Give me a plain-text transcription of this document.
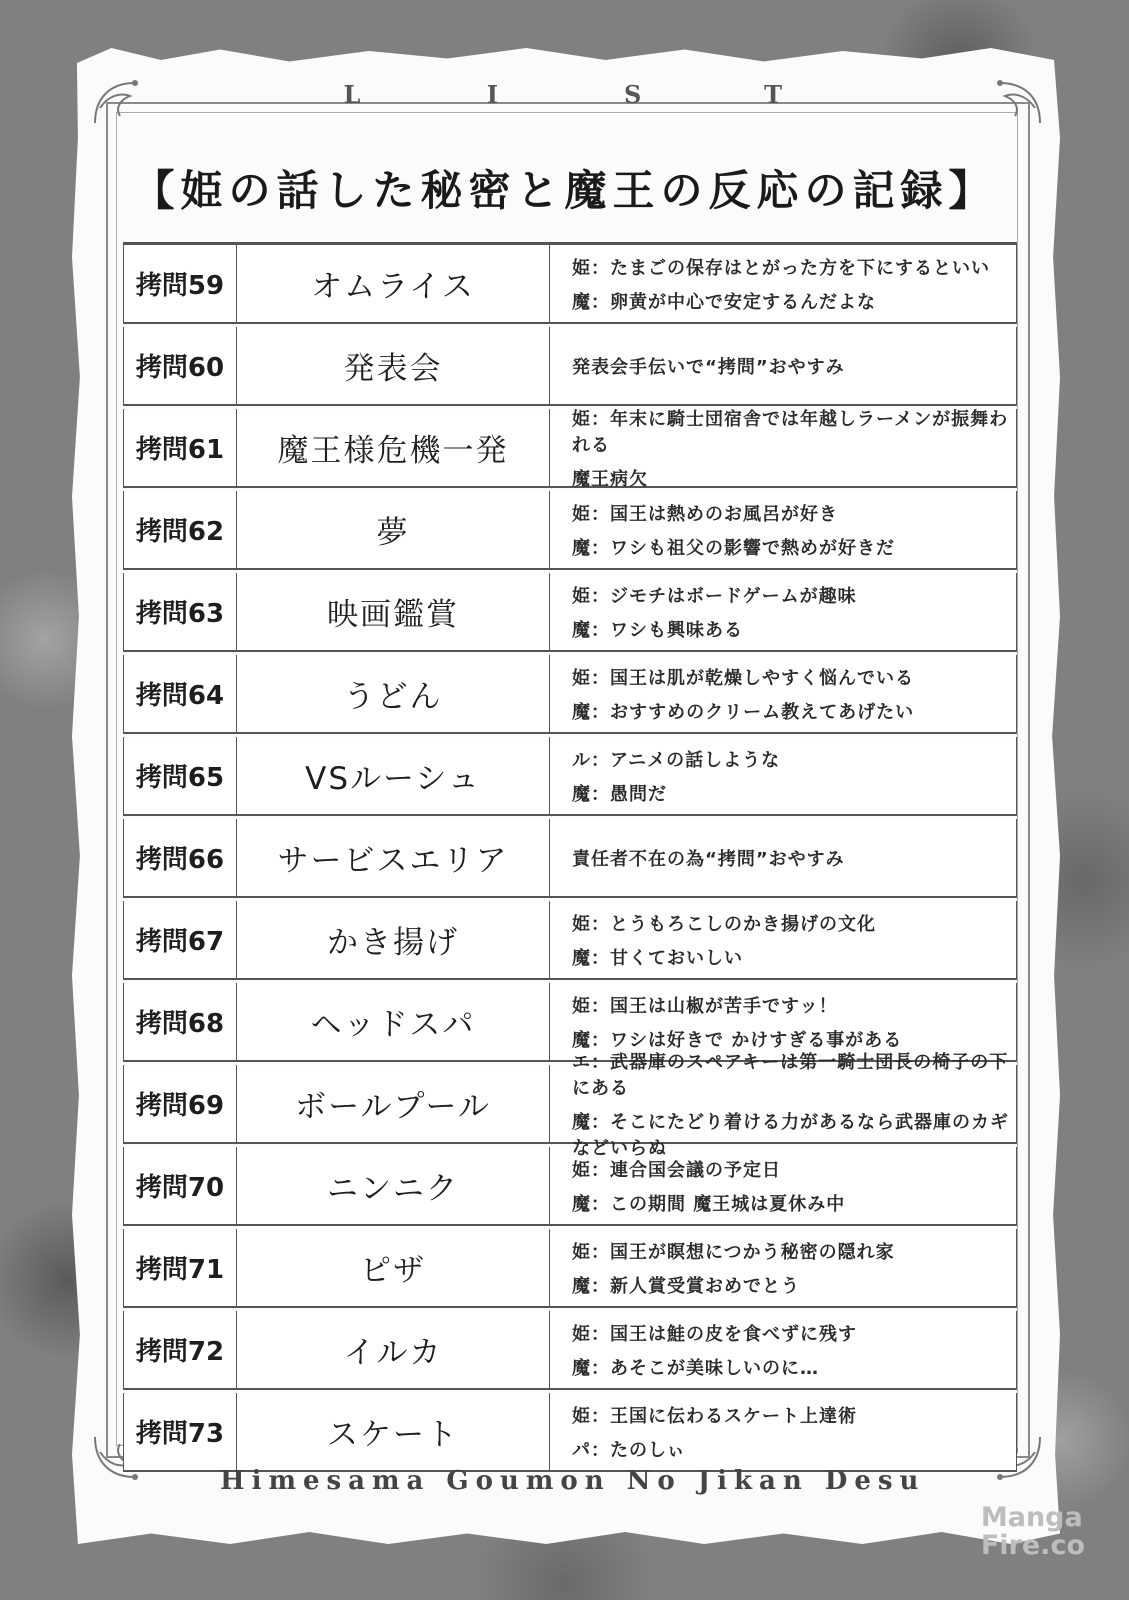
L	I	S	T
【姫の話した秘密と魔王の反応の記録】
拷問59	オムライス
姫：たまごの保存はとがった方を下にするといい
魔：卵黄が中心で安定するんだよな
拷問60	発表会	発表会手伝いで“拷問”おやすみ
拷問61	魔王様危機一発
姫：年末に騎士団宿舎では年越しラーメンが振舞われる
魔王病欠
拷問62	夢
姫：国王は熱めのお風呂が好き
魔：ワシも祖父の影響で熱めが好きだ
拷問63	映画鑑賞
姫：ジモチはボードゲームが趣味
魔：ワシも興味ある
拷問64	うどん
姫：国王は肌が乾燥しやすく悩んでいる
魔：おすすめのクリーム教えてあげたい
拷問65	VSルーシュ
ル：アニメの話しような
魔：愚問だ
拷問66	サービスエリア	責任者不在の為“拷問”おやすみ
拷問67	かき揚げ
姫：とうもろこしのかき揚げの文化
魔：甘くておいしい
拷問68	ヘッドスパ
姫：国王は山椒が苦手ですッ！
魔：ワシは好きで かけすぎる事がある
拷問69	ボールプール
エ：武器庫のスペアキーは第一騎士団長の椅子の下にある
魔：そこにたどり着ける力があるなら武器庫のカギなどいらぬ
拷問70	ニンニク
姫：連合国会議の予定日
魔：この期間 魔王城は夏休み中
拷問71	ピザ
姫：国王が瞑想につかう秘密の隠れ家
魔：新人賞受賞おめでとう
拷問72	イルカ
姫：国王は鮭の皮を食べずに残す
魔：あそこが美味しいのに…
拷問73	スケート
姫：王国に伝わるスケート上達術
パ：たのしぃ
Himesama Goumon No Jikan Desu
Manga
Fire.co
